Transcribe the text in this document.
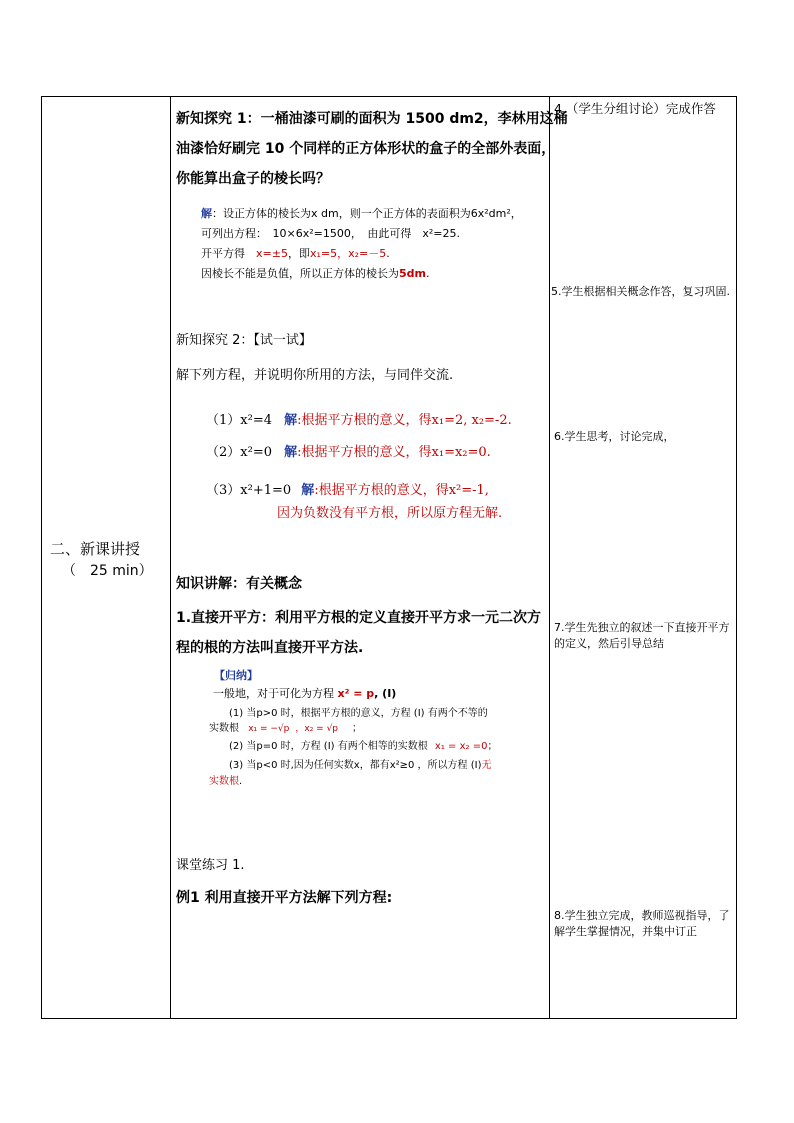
二、新课讲授
（　25 min）
新知探究 1：一桶油漆可刷的面积为 1500 dm2，李林用这桶
油漆恰好刷完 10 个同样的正方体形状的盒子的全部外表面，
你能算出盒子的棱长吗？
解：设正方体的棱长为x dm，则一个正方体的表面积为6x²dm²，
可列出方程：　10×6x²=1500，　由此可得　x²=25.
开平方得　x=±5，即x₁=5，x₂=－5.
因棱长不能是负值，所以正方体的棱长为5dm.
新知探究 2：【试一试】
解下列方程，并说明你所用的方法，与同伴交流.
（1）x²=4 解:根据平方根的意义，得x₁=2, x₂=-2.
（2）x²=0 解:根据平方根的意义，得x₁=x₂=0.
（3）x²+1=0 解:根据平方根的意义，得x²=-1,
因为负数没有平方根，所以原方程无解.
知识讲解：有关概念
1.直接开平方：利用平方根的定义直接开平方求一元二次方
程的根的方法叫直接开平方法.
【归纳】
一般地，对于可化为方程 x² = p, (I)
(1) 当p>0 时，根据平方根的意义，方程 (I) 有两个不等的
实数根 x₁ = −√p ，x₂ = √p ；
(2) 当p=0 时，方程 (I) 有两个相等的实数根 x₁ = x₂ =0；
(3) 当p<0 时,因为任何实数x，都有x²≥0 ，所以方程 (I)无
实数根.
课堂练习 1.
例1 利用直接开平方法解下列方程:
4.（学生分组讨论）完成作答
5.学生根据相关概念作答，复习巩固.
6.学生思考，讨论完成，
7.学生先独立的叙述一下直接开平方的定义，然后引导总结
8.学生独立完成，教师巡视指导，了解学生掌握情况，并集中订正
